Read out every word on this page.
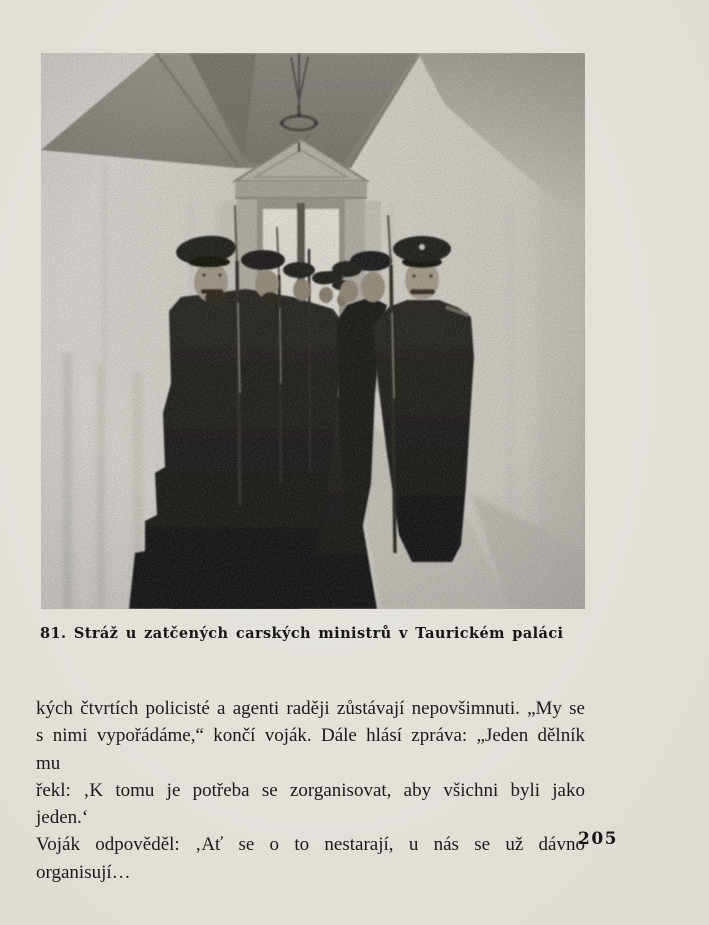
81. Stráž u zatčených carských ministrů v Taurickém paláci
kých čtvrtích policisté a agenti raději zůstávají nepovšimnuti. „My se
s nimi vypořádáme,“ končí voják. Dále hlásí zpráva: „Jeden dělník mu
řekl: ‚K tomu je potřeba se zorganisovat, aby všichni byli jako jeden.‘
Voják odpověděl: ‚Ať se o to nestarají, u nás se už dávno organisují…
205
